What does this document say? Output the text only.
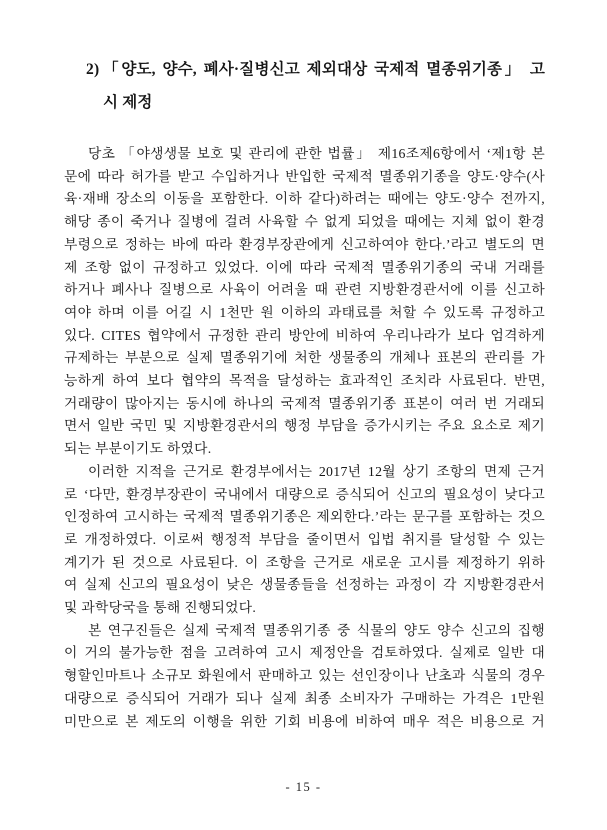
2) 「양도, 양수, 폐사·질병신고 제외대상 국제적 멸종위기종」 고
시 제정
당초 「야생생물 보호 및 관리에 관한 법률」 제16조제6항에서 ‘제1항 본
문에 따라 허가를 받고 수입하거나 반입한 국제적 멸종위기종을 양도·양수(사
육·재배 장소의 이동을 포함한다. 이하 같다)하려는 때에는 양도·양수 전까지,
해당 종이 죽거나 질병에 걸려 사육할 수 없게 되었을 때에는 지체 없이 환경
부령으로 정하는 바에 따라 환경부장관에게 신고하여야 한다.’라고 별도의 면
제 조항 없이 규정하고 있었다. 이에 따라 국제적 멸종위기종의 국내 거래를
하거나 폐사나 질병으로 사육이 어려울 때 관련 지방환경관서에 이를 신고하
여야 하며 이를 어길 시 1천만 원 이하의 과태료를 처할 수 있도록 규정하고
있다. CITES 협약에서 규정한 관리 방안에 비하여 우리나라가 보다 엄격하게
규제하는 부분으로 실제 멸종위기에 처한 생물종의 개체나 표본의 관리를 가
능하게 하여 보다 협약의 목적을 달성하는 효과적인 조치라 사료된다. 반면,
거래량이 많아지는 동시에 하나의 국제적 멸종위기종 표본이 여러 번 거래되
면서 일반 국민 및 지방환경관서의 행정 부담을 증가시키는 주요 요소로 제기
되는 부분이기도 하였다.
이러한 지적을 근거로 환경부에서는 2017년 12월 상기 조항의 면제 근거
로 ‘다만, 환경부장관이 국내에서 대량으로 증식되어 신고의 필요성이 낮다고
인정하여 고시하는 국제적 멸종위기종은 제외한다.’라는 문구를 포함하는 것으
로 개정하였다. 이로써 행정적 부담을 줄이면서 입법 취지를 달성할 수 있는
계기가 된 것으로 사료된다. 이 조항을 근거로 새로운 고시를 제정하기 위하
여 실제 신고의 필요성이 낮은 생물종들을 선정하는 과정이 각 지방환경관서
및 과학당국을 통해 진행되었다.
본 연구진들은 실제 국제적 멸종위기종 중 식물의 양도 양수 신고의 집행
이 거의 불가능한 점을 고려하여 고시 제정안을 검토하였다. 실제로 일반 대
형할인마트나 소규모 화원에서 판매하고 있는 선인장이나 난초과 식물의 경우
대량으로 증식되어 거래가 되나 실제 최종 소비자가 구매하는 가격은 1만원
미만으로 본 제도의 이행을 위한 기회 비용에 비하여 매우 적은 비용으로 거
- 15 -
